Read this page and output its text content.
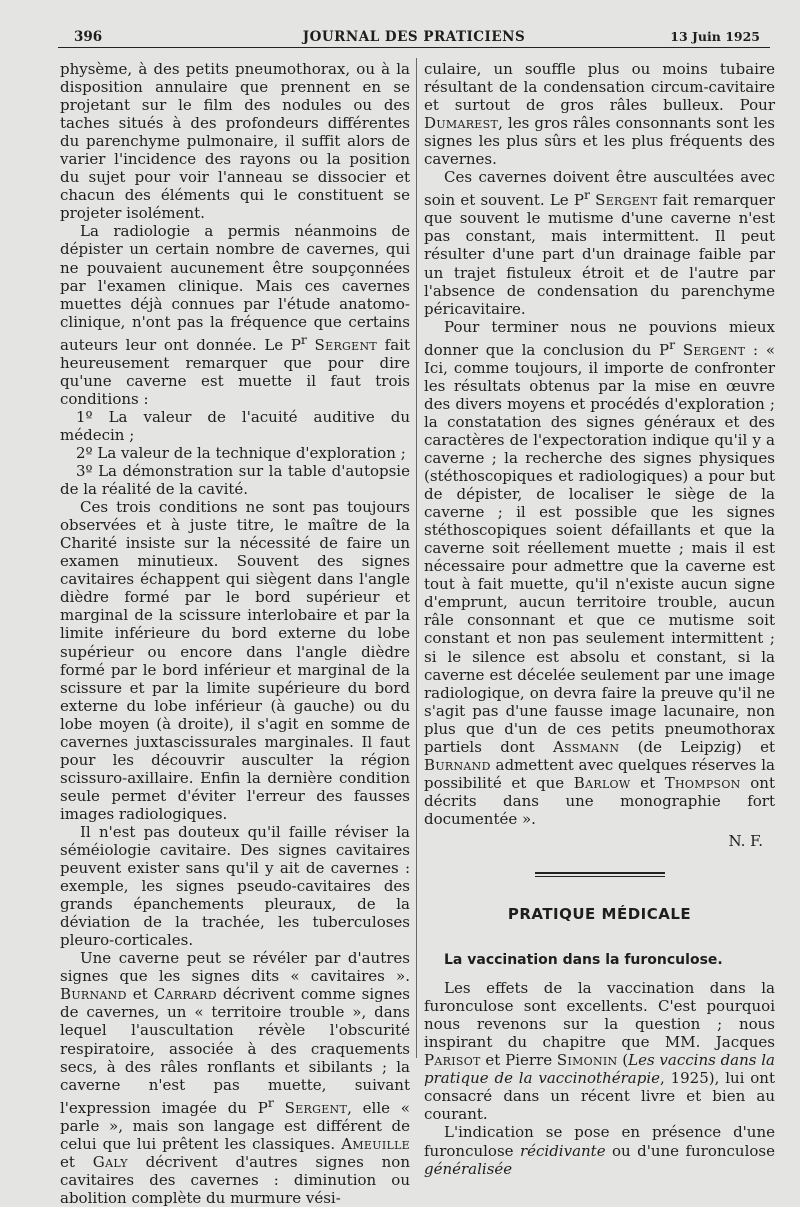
396	JOURNAL DES PRATICIENS	13 Juin 1925

physème, à des petits pneumothorax, ou à la disposition annulaire que prennent en se projetant sur le film des nodules ou des taches situés à des profondeurs différentes du parenchyme pulmonaire, il suffit alors de varier l'incidence des rayons ou la position du sujet pour voir l'anneau se dissocier et chacun des éléments qui le constituent se projeter isolément.

La radiologie a permis néanmoins de dépister un certain nombre de cavernes, qui ne pouvaient aucunement être soupçonnées par l'examen clinique. Mais ces cavernes muettes déjà connues par l'étude anatomo-clinique, n'ont pas la fréquence que certains auteurs leur ont donnée. Le $P^r$ Sergent fait heureusement remarquer que pour dire qu'une caverne est muette il faut trois conditions :

1º La valeur de l'acuité auditive du médecin ;

2º La valeur de la technique d'exploration ;

3º La démonstration sur la table d'autopsie de la réalité de la cavité.

Ces trois conditions ne sont pas toujours observées et à juste titre, le maître de la Charité insiste sur la nécessité de faire un examen minutieux. Souvent des signes cavitaires échappent qui siègent dans l'angle dièdre formé par le bord supérieur et marginal de la scissure interlobaire et par la limite inférieure du bord externe du lobe supérieur ou encore dans l'angle dièdre formé par le bord inférieur et marginal de la scissure et par la limite supérieure du bord externe du lobe inférieur (à gauche) ou du lobe moyen (à droite), il s'agit en somme de cavernes juxtascissurales marginales. Il faut pour les découvrir ausculter la région scissuro-axillaire. Enfin la dernière condition seule permet d'éviter l'erreur des fausses images radiologiques.

Il n'est pas douteux qu'il faille réviser la séméiologie cavitaire. Des signes cavitaires peuvent exister sans qu'il y ait de cavernes : exemple, les signes pseudo-cavitaires des grands épanchements pleuraux, de la déviation de la trachée, les tuberculoses pleuro-corticales.

Une caverne peut se révéler par d'autres signes que les signes dits « cavitaires ». Burnand et Carrard décrivent comme signes de cavernes, un « territoire trouble », dans lequel l'auscultation révèle l'obscurité respiratoire, associée à des craquements secs, à des râles ronflants et sibilants ; la caverne n'est pas muette, suivant l'expression imagée du $P^r$ Sergent, elle « parle », mais son langage est différent de celui que lui prêtent les classiques. Ameuille et Galy décrivent d'autres signes non cavitaires des cavernes : diminution ou abolition complète du murmure vési-

culaire, un souffle plus ou moins tubaire résultant de la condensation circum-cavitaire et surtout de gros râles bulleux. Pour Dumarest, les gros râles consonnants sont les signes les plus sûrs et les plus fréquents des cavernes.

Ces cavernes doivent être auscultées avec soin et souvent. Le $P^r$ Sergent fait remarquer que souvent le mutisme d'une caverne n'est pas constant, mais intermittent. Il peut résulter d'une part d'un drainage faible par un trajet fistuleux étroit et de l'autre par l'absence de condensation du parenchyme péricavitaire.

Pour terminer nous ne pouvions mieux donner que la conclusion du $P^r$ Sergent : « Ici, comme toujours, il importe de confronter les résultats obtenus par la mise en œuvre des divers moyens et procédés d'exploration ; la constatation des signes généraux et des caractères de l'expectoration indique qu'il y a caverne ; la recherche des signes physiques (stéthoscopiques et radiologiques) a pour but de dépister, de localiser le siège de la caverne ; il est possible que les signes stéthoscopiques soient défaillants et que la caverne soit réellement muette ; mais il est nécessaire pour admettre que la caverne est tout à fait muette, qu'il n'existe aucun signe d'emprunt, aucun territoire trouble, aucun râle consonnant et que ce mutisme soit constant et non pas seulement intermittent ; si le silence est absolu et constant, si la caverne est décelée seulement par une image radiologique, on devra faire la preuve qu'il ne s'agit pas d'une fausse image lacunaire, non plus que d'un de ces petits pneumothorax partiels dont Assmann (de Leipzig) et Burnand admettent avec quelques réserves la possibilité et que Barlow et Thompson ont décrits dans une monographie fort documentée ».

N. F.

PRATIQUE MÉDICALE

La vaccination dans la furonculose.

Les effets de la vaccination dans la furonculose sont excellents. C'est pourquoi nous revenons sur la question ; nous inspirant du chapitre que MM. Jacques Parisot et Pierre Simonin (Les vaccins dans la pratique de la vaccinothérapie, 1925), lui ont consacré dans un récent livre et bien au courant.

L'indication se pose en présence d'une furonculose récidivante ou d'une furonculose généralisée
